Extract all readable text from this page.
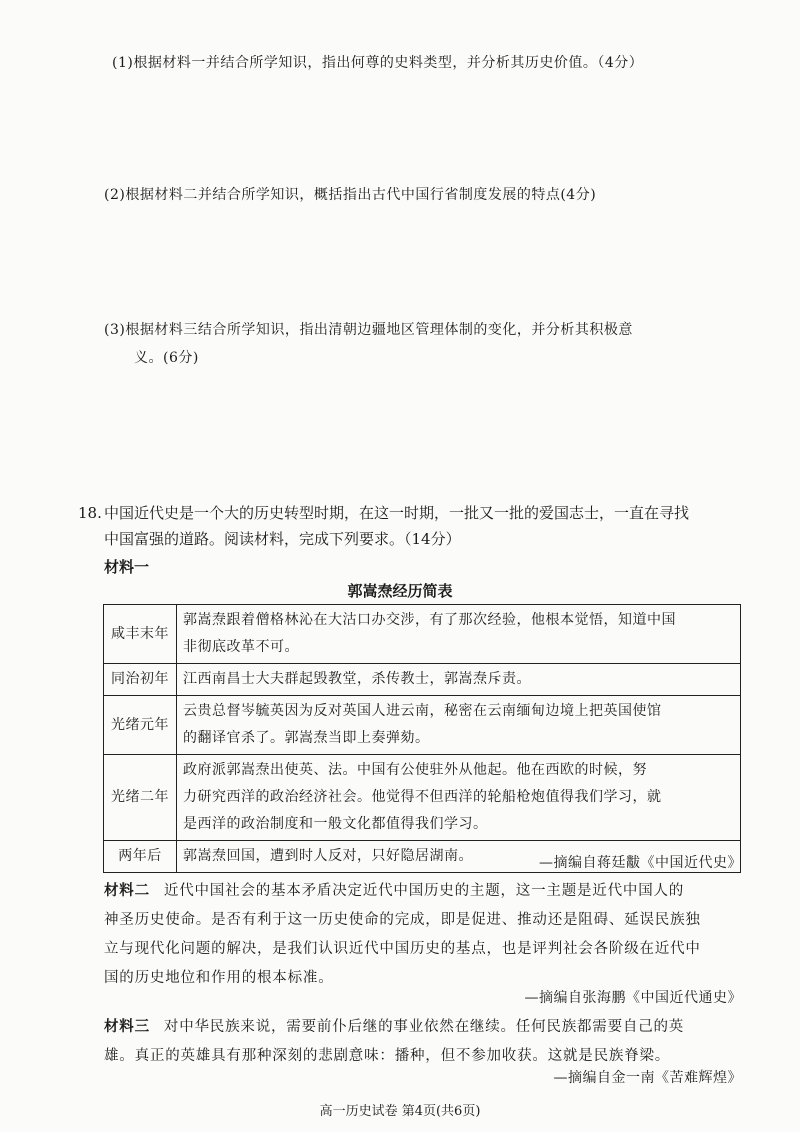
(1)根据材料一并结合所学知识，指出何尊的史料类型，并分析其历史价值。（4分）
(2)根据材料二并结合所学知识，概括指出古代中国行省制度发展的特点(4分)
(3)根据材料三结合所学知识，指出清朝边疆地区管理体制的变化，并分析其积极意
义。(6分)
18. 中国近代史是一个大的历史转型时期，在这一时期，一批又一批的爱国志士，一直在寻找
中国富强的道路。阅读材料，完成下列要求。（14分）
材料一
郭嵩焘经历简表
咸丰末年	郭嵩焘跟着僧格林沁在大沽口办交涉，有了那次经验，他根本觉悟，知道中国
非彻底改革不可。

同治初年	江西南昌士大夫群起毁教堂，杀传教士，郭嵩焘斥责。

光绪元年	云贵总督岑毓英因为反对英国人进云南，秘密在云南缅甸边境上把英国使馆
的翻译官杀了。郭嵩焘当即上奏弹劾。

光绪二年	政府派郭嵩焘出使英、法。中国有公使驻外从他起。他在西欧的时候，努
力研究西洋的政治经济社会。他觉得不但西洋的轮船枪炮值得我们学习，就
是西洋的政治制度和一般文化都值得我们学习。

两年后	郭嵩焘回国，遭到时人反对，只好隐居湖南。	—摘编自蒋廷黻《中国近代史》
材料二 近代中国社会的基本矛盾决定近代中国历史的主题，这一主题是近代中国人的
神圣历史使命。是否有利于这一历史使命的完成，即是促进、推动还是阻碍、延误民族独
立与现代化问题的解决，是我们认识近代中国历史的基点，也是评判社会各阶级在近代中
国的历史地位和作用的根本标准。
—摘编自张海鹏《中国近代通史》
材料三 对中华民族来说，需要前仆后继的事业依然在继续。任何民族都需要自己的英
雄。真正的英雄具有那种深刻的悲剧意味：播种，但不参加收获。这就是民族脊梁。
—摘编自金一南《苦难辉煌》
高一历史试卷 第4页(共6页)
